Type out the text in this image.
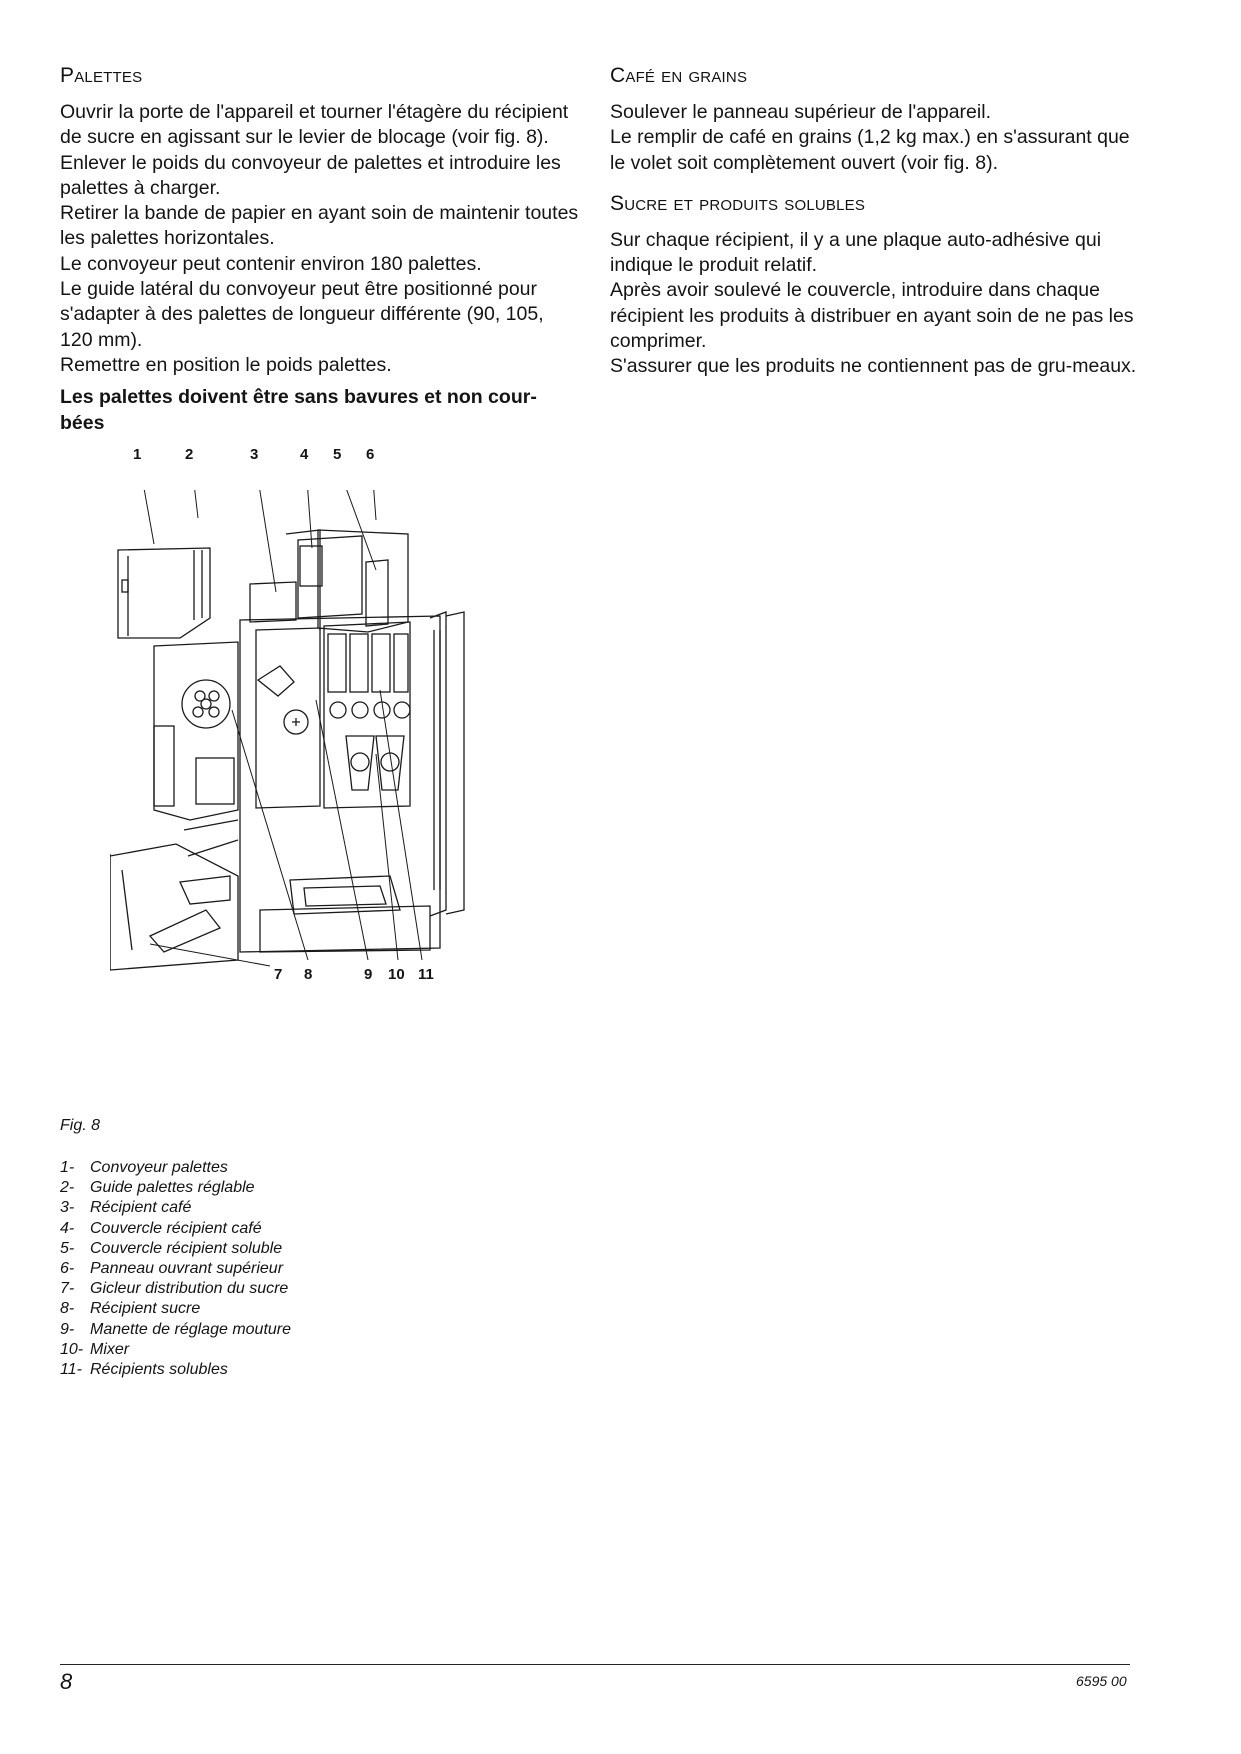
Palettes

Ouvrir la porte de l'appareil et tourner l'étagère du récipient de sucre en agissant sur le levier de blocage (voir fig. 8). Enlever le poids du convoyeur de palettes et introduire les palettes à charger.

Retirer la bande de papier en ayant soin de maintenir toutes les palettes horizontales.

Le convoyeur peut contenir environ 180 palettes.

Le guide latéral du convoyeur peut être positionné pour s'adapter à des palettes de longueur différente (90, 105, 120 mm).

Remettre en position le poids palettes.

Les palettes doivent être sans bavures et non cour-bées

Café en grains

Soulever le panneau supérieur de l'appareil.

Le remplir de café en grains (1,2 kg max.) en s'assurant que le volet soit complètement ouvert (voir fig. 8).

Sucre et produits solubles

Sur chaque récipient, il y a une plaque auto-adhésive qui indique le produit relatif.

Après avoir soulevé le couvercle, introduire dans chaque récipient les produits à distribuer en ayant soin de ne pas les comprimer.

S'assurer que les produits ne contiennent pas de gru-meaux.

1	2	3	4 5 6
7 8	9 10 11
Fig. 8
1- Convoyeur palettes
2- Guide palettes réglable
3- Récipient café
4- Couvercle récipient café
5- Couvercle récipient soluble
6- Panneau ouvrant supérieur
7- Gicleur distribution du sucre
8- Récipient sucre
9- Manette de réglage mouture
10- Mixer
11- Récipients solubles
8	6595 00
